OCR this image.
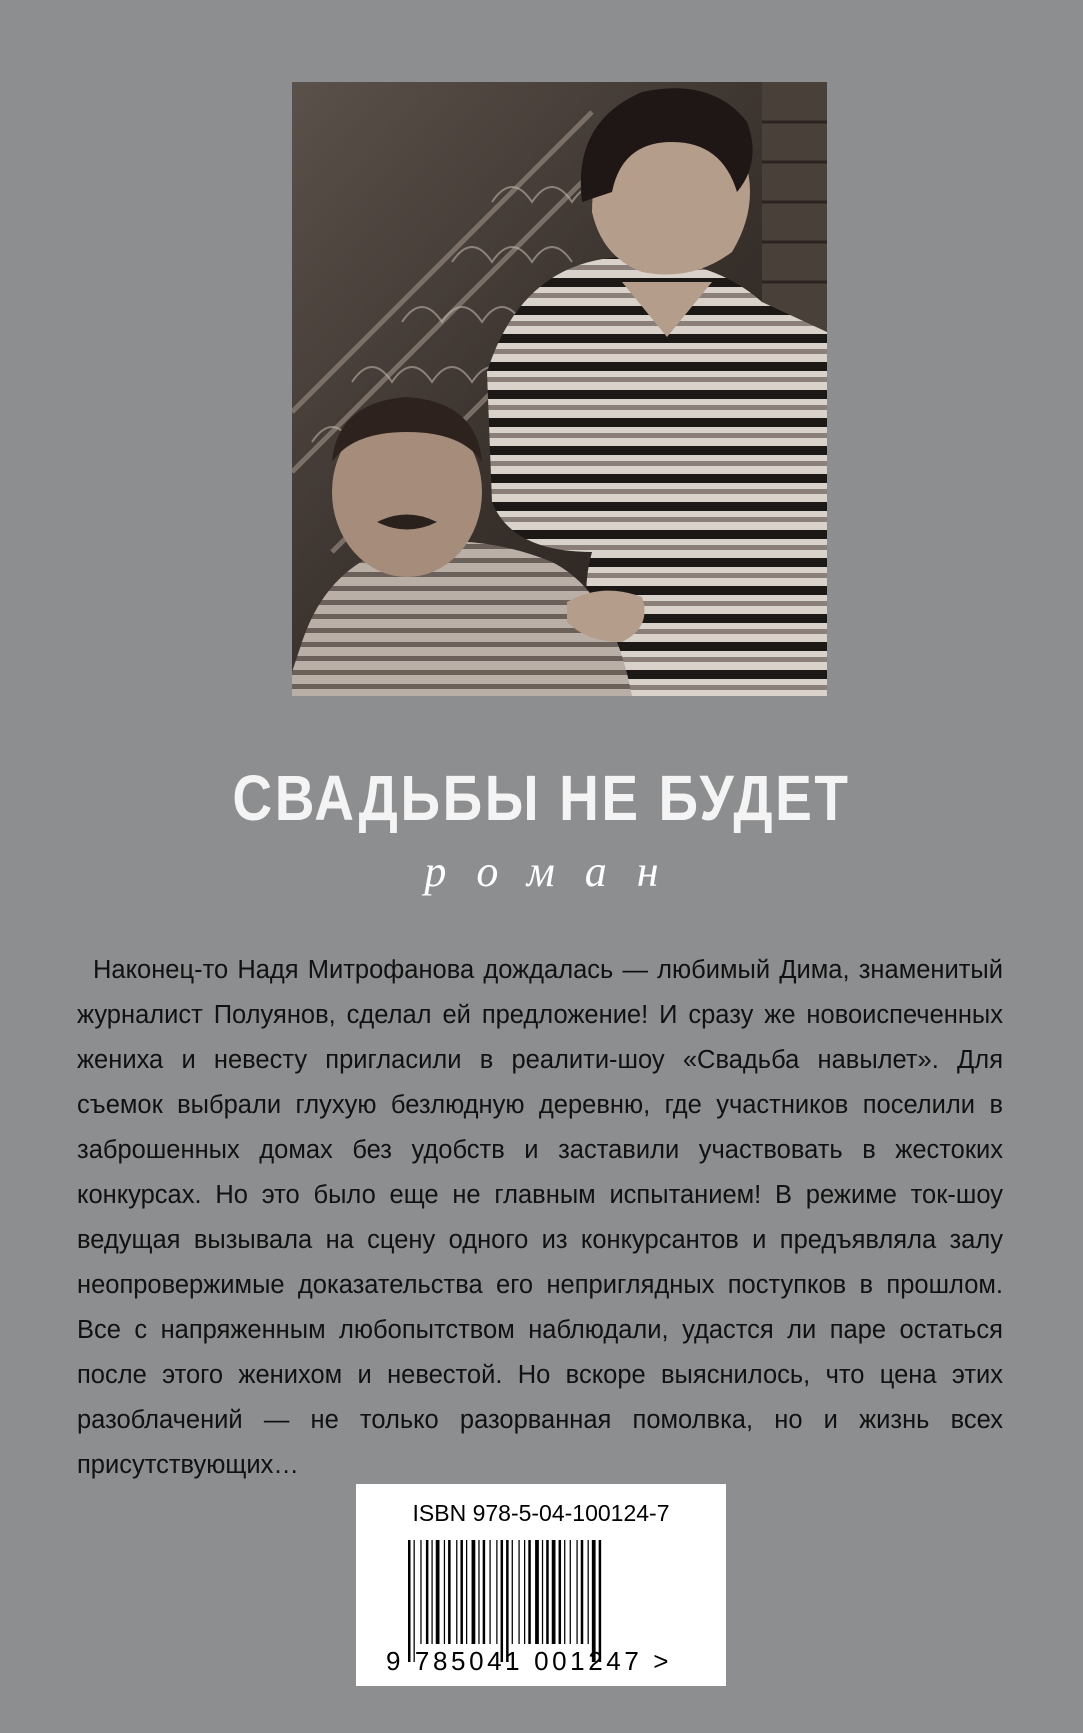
СВАДЬБЫ НЕ БУДЕТ
роман

Наконец-то Надя Митрофанова дождалась — любимый Дима, знаменитый журналист Полуянов, сделал ей предложение! И сразу же новоиспеченных жениха и невесту пригласили в реалити-шоу «Свадьба навылет». Для съемок выбрали глухую безлюдную деревню, где участников поселили в заброшенных домах без удобств и заставили участвовать в жестоких конкурсах. Но это было еще не главным испытанием! В режиме ток-шоу ведущая вызывала на сцену одного из конкурсантов и предъявляла залу неопровержимые доказательства его неприглядных поступков в прошлом. Все с напряженным любопытством наблюдали, удастся ли паре остаться после этого женихом и невестой. Но вскоре выяснилось, что цена этих разоблачений — не только разорванная помолвка, но и жизнь всех присутствующих…

ISBN 978-5-04-100124-7
9 785041 001247 >
